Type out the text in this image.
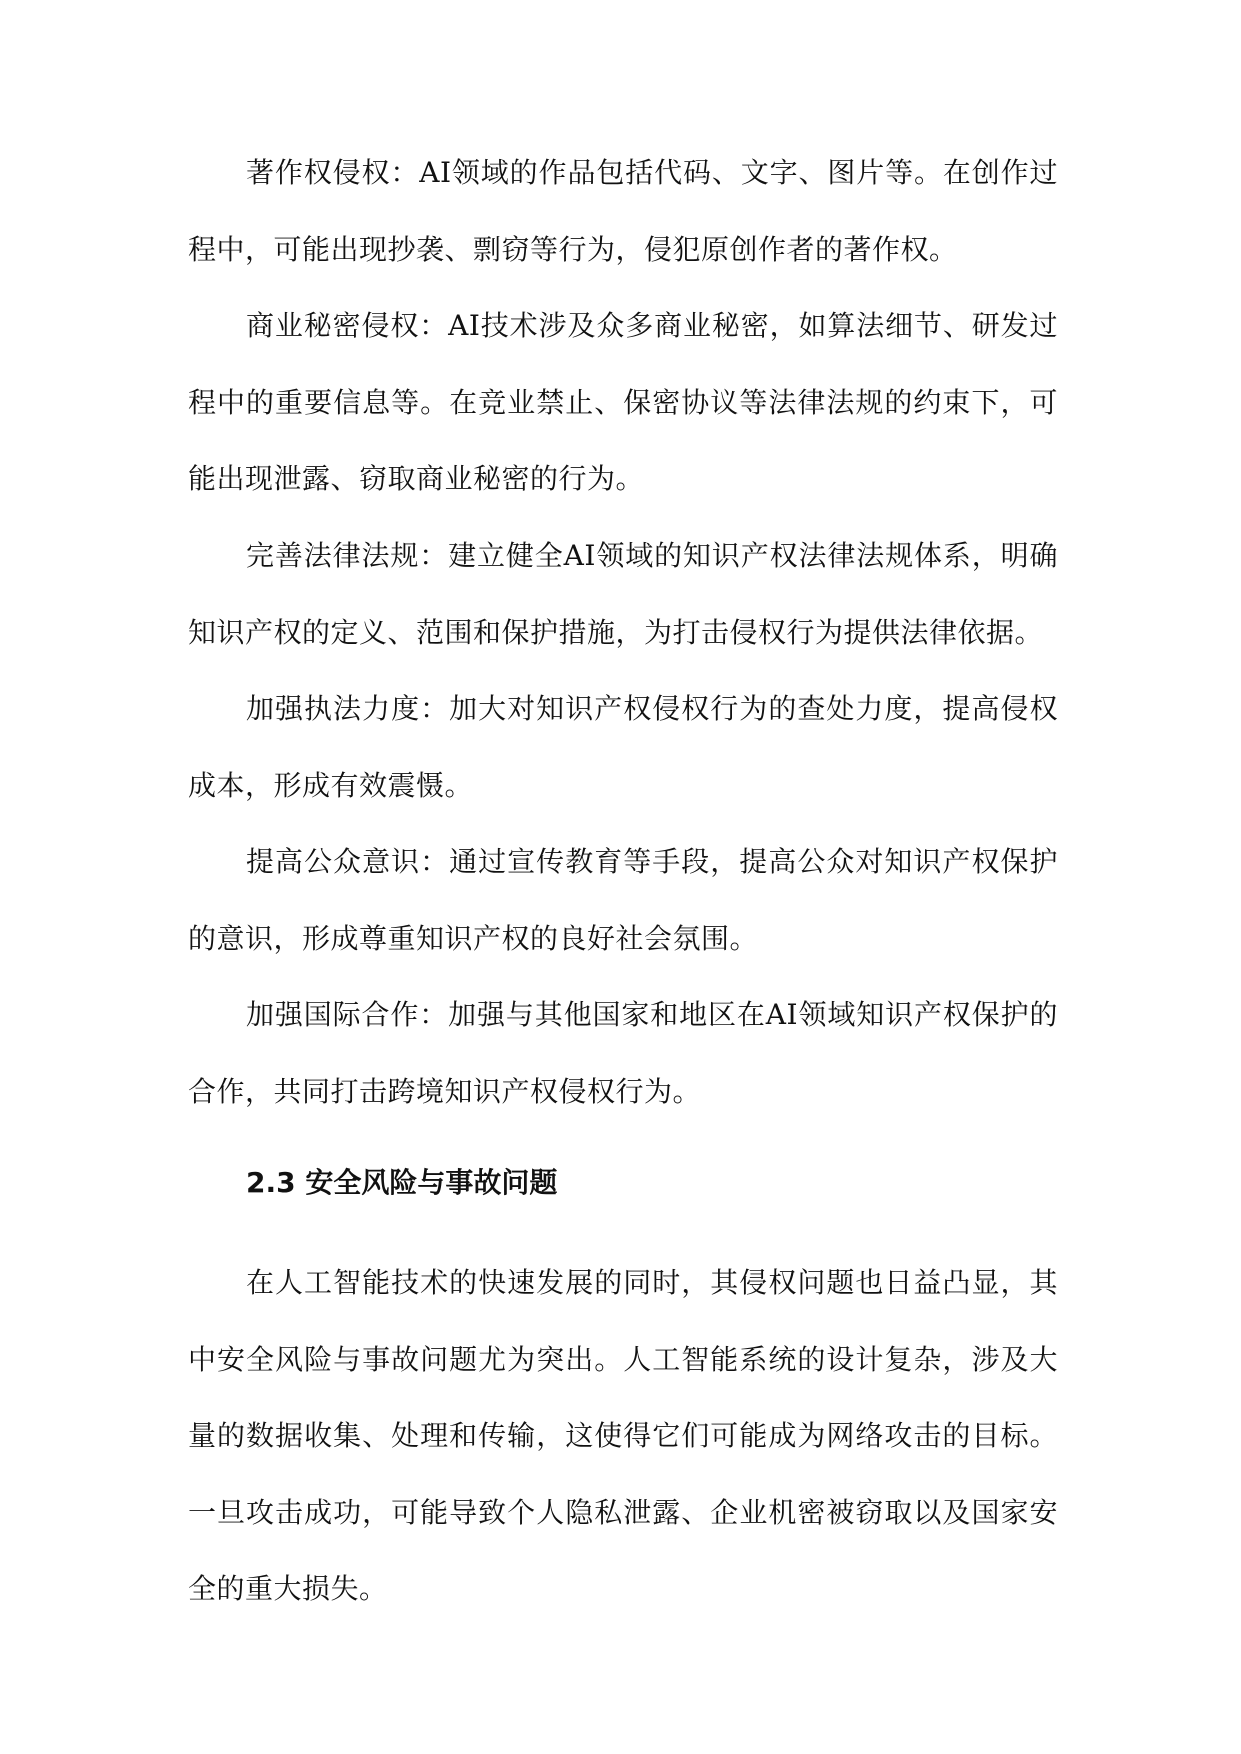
著作权侵权：AI领域的作品包括代码、文字、图片等。在创作过程中，可能出现抄袭、剽窃等行为，侵犯原创作者的著作权。

商业秘密侵权：AI技术涉及众多商业秘密，如算法细节、研发过程中的重要信息等。在竞业禁止、保密协议等法律法规的约束下，可能出现泄露、窃取商业秘密的行为。

完善法律法规：建立健全AI领域的知识产权法律法规体系，明确知识产权的定义、范围和保护措施，为打击侵权行为提供法律依据。

加强执法力度：加大对知识产权侵权行为的查处力度，提高侵权成本，形成有效震慑。

提高公众意识：通过宣传教育等手段，提高公众对知识产权保护的意识，形成尊重知识产权的良好社会氛围。

加强国际合作：加强与其他国家和地区在AI领域知识产权保护的合作，共同打击跨境知识产权侵权行为。

2.3 安全风险与事故问题

在人工智能技术的快速发展的同时，其侵权问题也日益凸显，其中安全风险与事故问题尤为突出。人工智能系统的设计复杂，涉及大量的数据收集、处理和传输，这使得它们可能成为网络攻击的目标。一旦攻击成功，可能导致个人隐私泄露、企业机密被窃取以及国家安全的重大损失。
